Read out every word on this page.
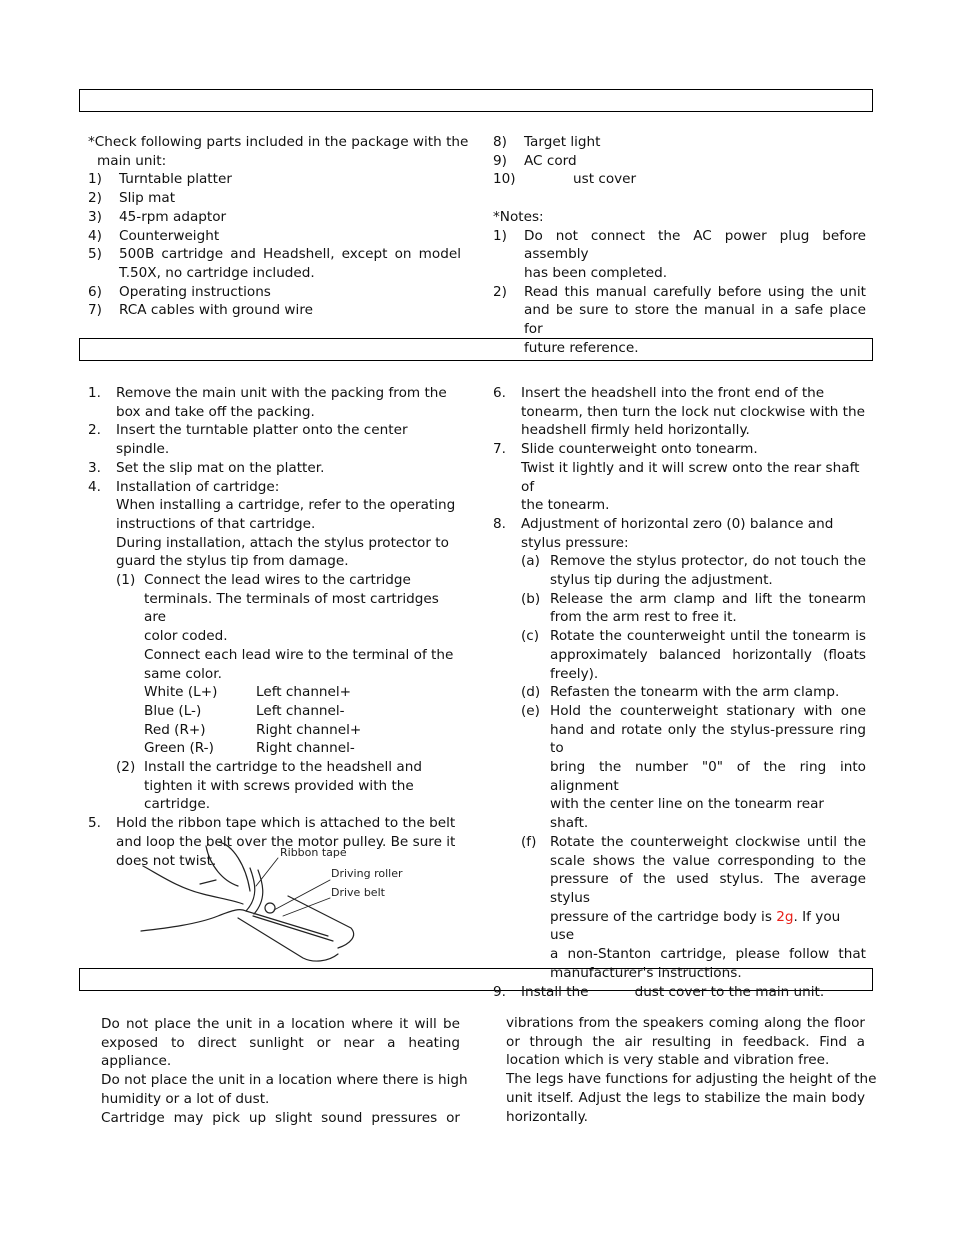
*Check following parts included in the package with the
main unit:
1) Turntable platter
2) Slip mat
3) 45-rpm adaptor
4) Counterweight
5) 500B cartridge and Headshell, except on model
T.50X, no cartridge included.
6) Operating instructions
7) RCA cables with ground wire
8) Target light
9) AC cord
10)	ust cover
*Notes:
1) Do not connect the AC power plug before assembly
has been completed.
2) Read this manual carefully before using the unit
and be sure to store the manual in a safe place for
future reference.
1. Remove the main unit with the packing from the
box and take off the packing.
2. Insert the turntable platter onto the center spindle.
3. Set the slip mat on the platter.
4. Installation of cartridge:
When installing a cartridge, refer to the operating
instructions of that cartridge.
During installation, attach the stylus protector to
guard the stylus tip from damage.
(1) Connect the lead wires to the cartridge
terminals. The terminals of most cartridges are
color coded.
Connect each lead wire to the terminal of the
same color.
White (L+)	Left channel+
Blue (L-)	Left channel-
Red (R+)	Right channel+
Green (R-)	Right channel-
(2) Install the cartridge to the headshell and
tighten it with screws provided with the
cartridge.
5. Hold the ribbon tape which is attached to the belt
and loop the belt over the motor pulley. Be sure it
does not twist.
Ribbon tape
Driving roller
Drive belt
6. Insert the headshell into the front end of the
tonearm, then turn the lock nut clockwise with the
headshell firmly held horizontally.
7. Slide counterweight onto tonearm.
Twist it lightly and it will screw onto the rear shaft of
the tonearm.
8. Adjustment of horizontal zero (0) balance and
stylus pressure:
(a) Remove the stylus protector, do not touch the
stylus tip during the adjustment.
(b) Release the arm clamp and lift the tonearm
from the arm rest to free it.
(c) Rotate the counterweight until the tonearm is
approximately balanced horizontally (floats
freely).
(d) Refasten the tonearm with the arm clamp.
(e) Hold the counterweight stationary with one
hand and rotate only the stylus-pressure ring to
bring the number "0" of the ring into alignment
with the center line on the tonearm rear shaft.
(f) Rotate the counterweight clockwise until the
scale shows the value corresponding to the
pressure of the used stylus. The average stylus
pressure of the cartridge body is 2g. If you use
a non-Stanton cartridge, please follow that
manufacturer's instructions.
9. Install the	dust cover to the main unit.
Do not place the unit in a location where it will be
exposed to direct sunlight or near a heating
appliance.
Do not place the unit in a location where there is high
humidity or a lot of dust.
Cartridge may pick up slight sound pressures or
vibrations from the speakers coming along the floor
or through the air resulting in feedback. Find a
location which is very stable and vibration free.
The legs have functions for adjusting the height of the
unit itself. Adjust the legs to stabilize the main body
horizontally.
